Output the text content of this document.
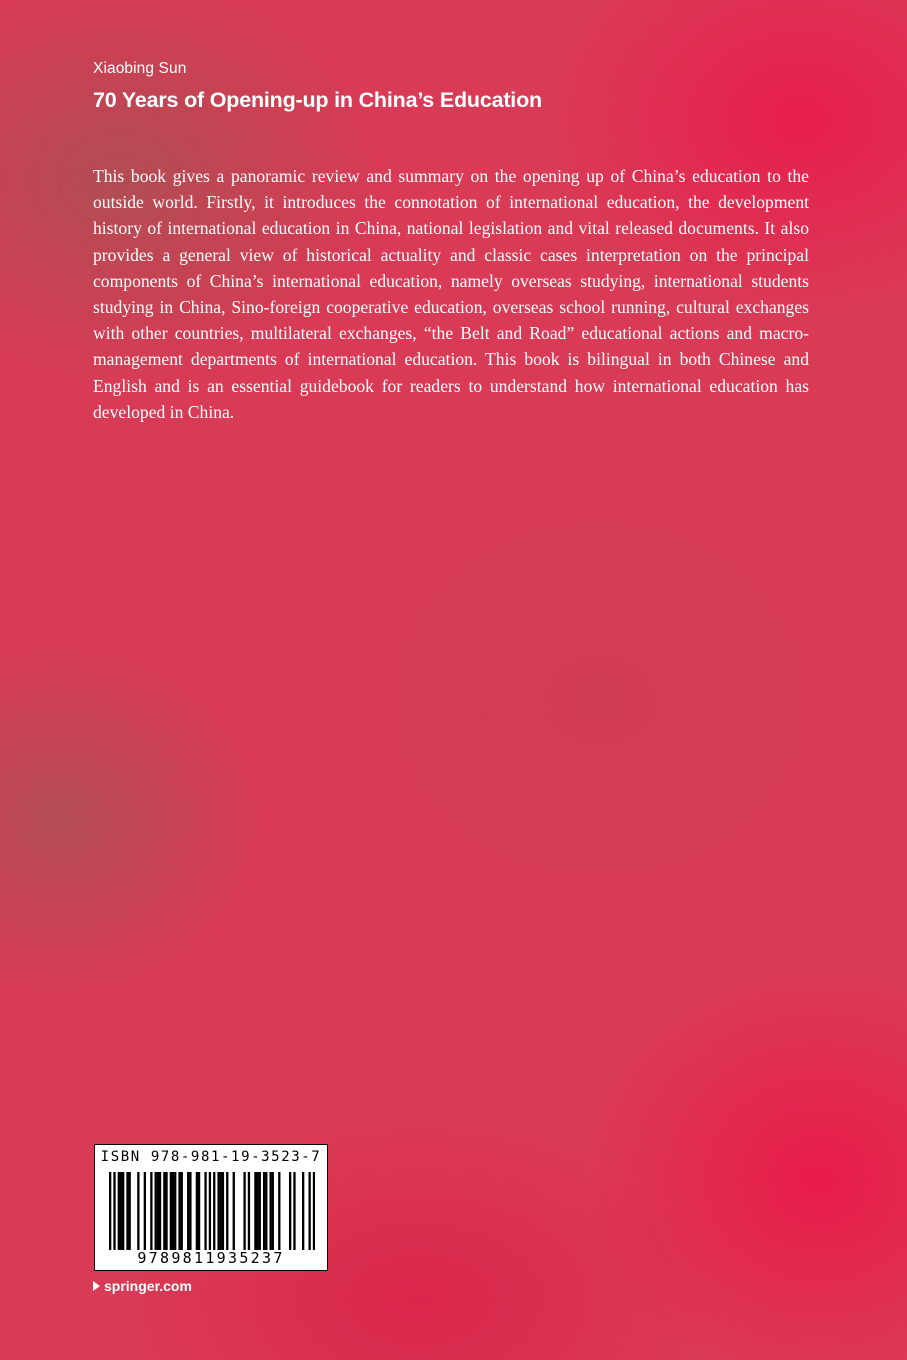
Xiaobing Sun
70 Years of Opening-up in China’s Education

This book gives a panoramic review and summary on the opening up of China’s education to the outside world. Firstly, it introduces the connotation of international education, the development history of international education in China, national legislation and vital released documents. It also provides a general view of historical actuality and classic cases interpretation on the principal components of China’s international education, namely overseas studying, international students studying in China, Sino-foreign cooperative education, overseas school running, cultural exchanges with other countries, multilateral exchanges, “the Belt and Road” educational actions and macro-management departments of international education. This book is bilingual in both Chinese and English and is an essential guidebook for readers to understand how international education has developed in China.

ISBN 978-981-19-3523-7
9789811935237
springer.com
